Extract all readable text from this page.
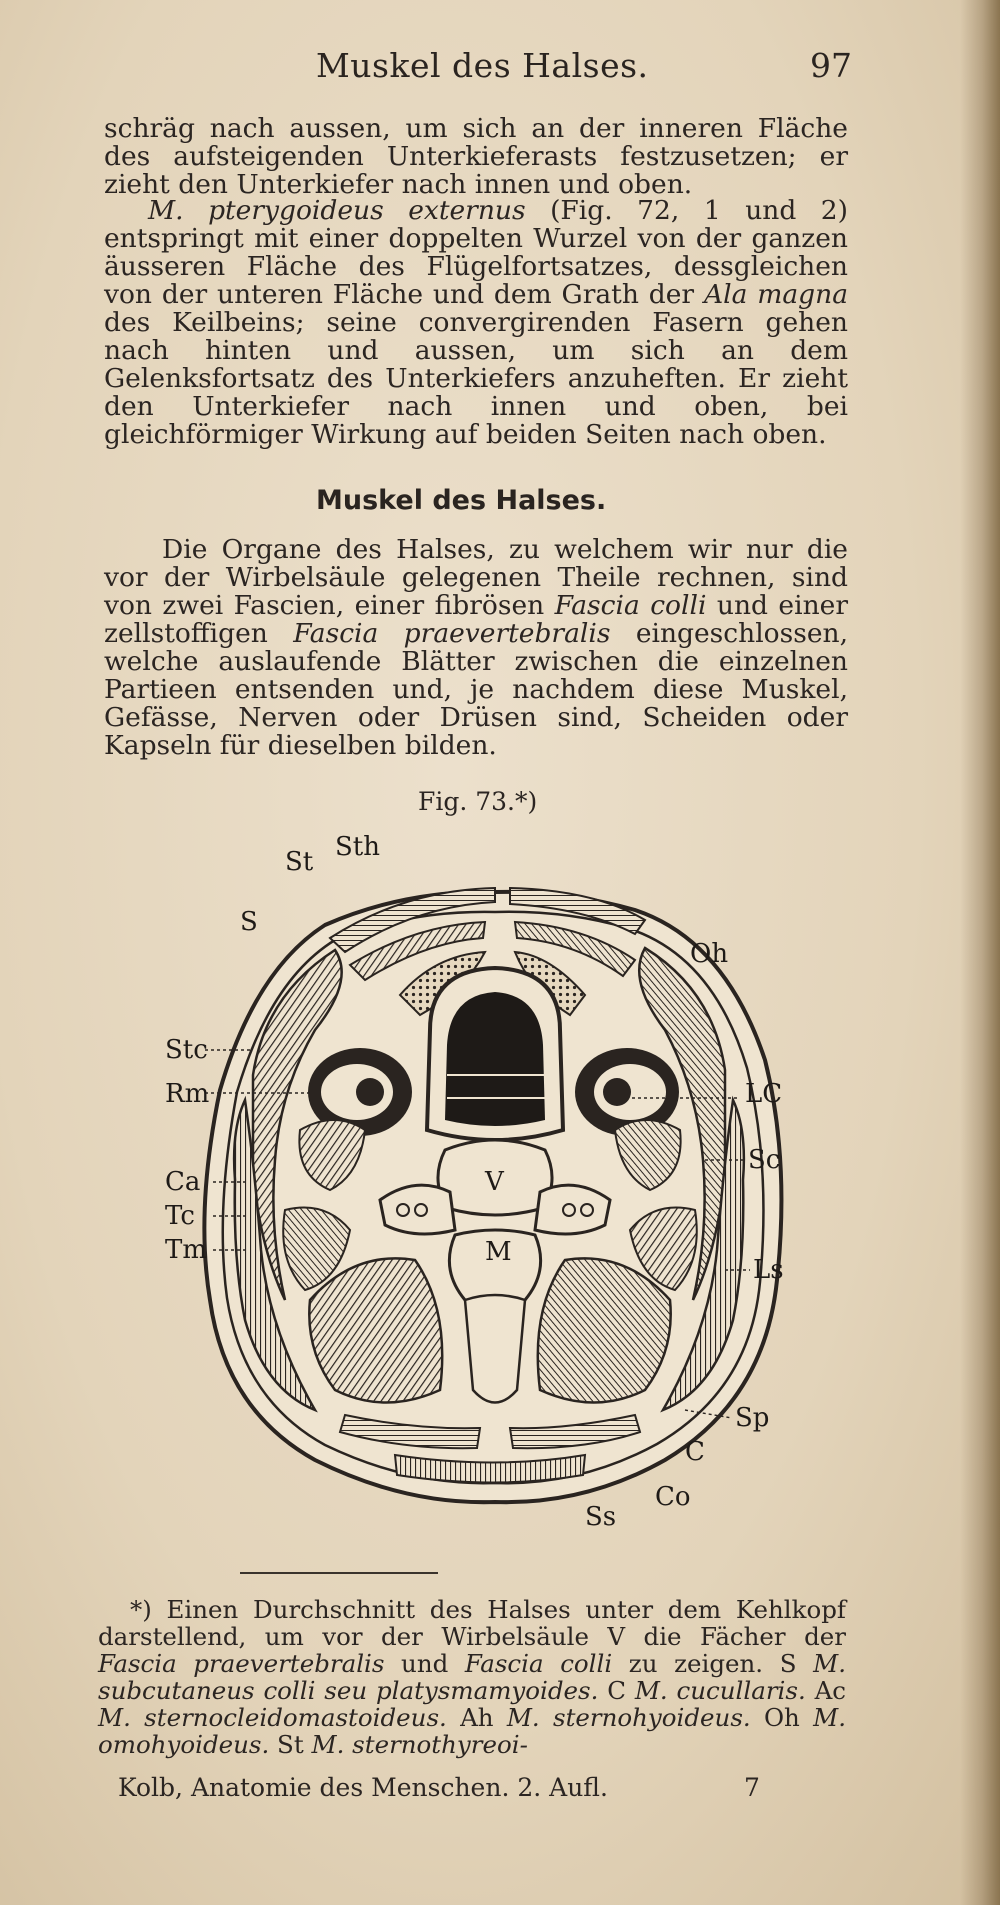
Muskel des Halses.	97

schräg nach aussen, um sich an der inneren Fläche des aufsteigenden Unterkieferasts festzusetzen; er zieht den Unterkiefer nach innen und oben.

M. pterygoideus externus (Fig. 72, 1 und 2) entspringt mit einer doppelten Wurzel von der ganzen äusseren Fläche des Flügelfortsatzes, dessgleichen von der unteren Fläche und dem Grath der Ala magna des Keilbeins; seine convergirenden Fasern gehen nach hinten und aussen, um sich an dem Gelenksfortsatz des Unterkiefers anzuheften. Er zieht den Unterkiefer nach innen und oben, bei gleichförmiger Wirkung auf beiden Seiten nach oben.

Muskel des Halses.

Die Organe des Halses, zu welchem wir nur die vor der Wirbelsäule gelegenen Theile rechnen, sind von zwei Fascien, einer fibrösen Fascia colli und einer zellstoffigen Fascia praevertebralis eingeschlossen, welche auslaufende Blätter zwischen die einzelnen Partieen entsenden und, je nachdem diese Muskel, Gefässe, Nerven oder Drüsen sind, Scheiden oder Kapseln für dieselben bilden.

Fig. 73.*)
St Sth
S
Oh
Stc
Rm	LC
V
Sc
Ca
Tc
Tm	M
Ls
Sp
C
Co
Ss

*) Einen Durchschnitt des Halses unter dem Kehlkopf darstellend, um vor der Wirbelsäule V die Fächer der Fascia praevertebralis und Fascia colli zu zeigen. S M. subcutaneus colli seu platysmamyoides. C M. cucullaris. Ac M. sternocleidomastoideus. Ah M. sternohyoideus. Oh M. omohyoideus. St M. sternothyreoi-

Kolb, Anatomie des Menschen. 2. Aufl.	7
